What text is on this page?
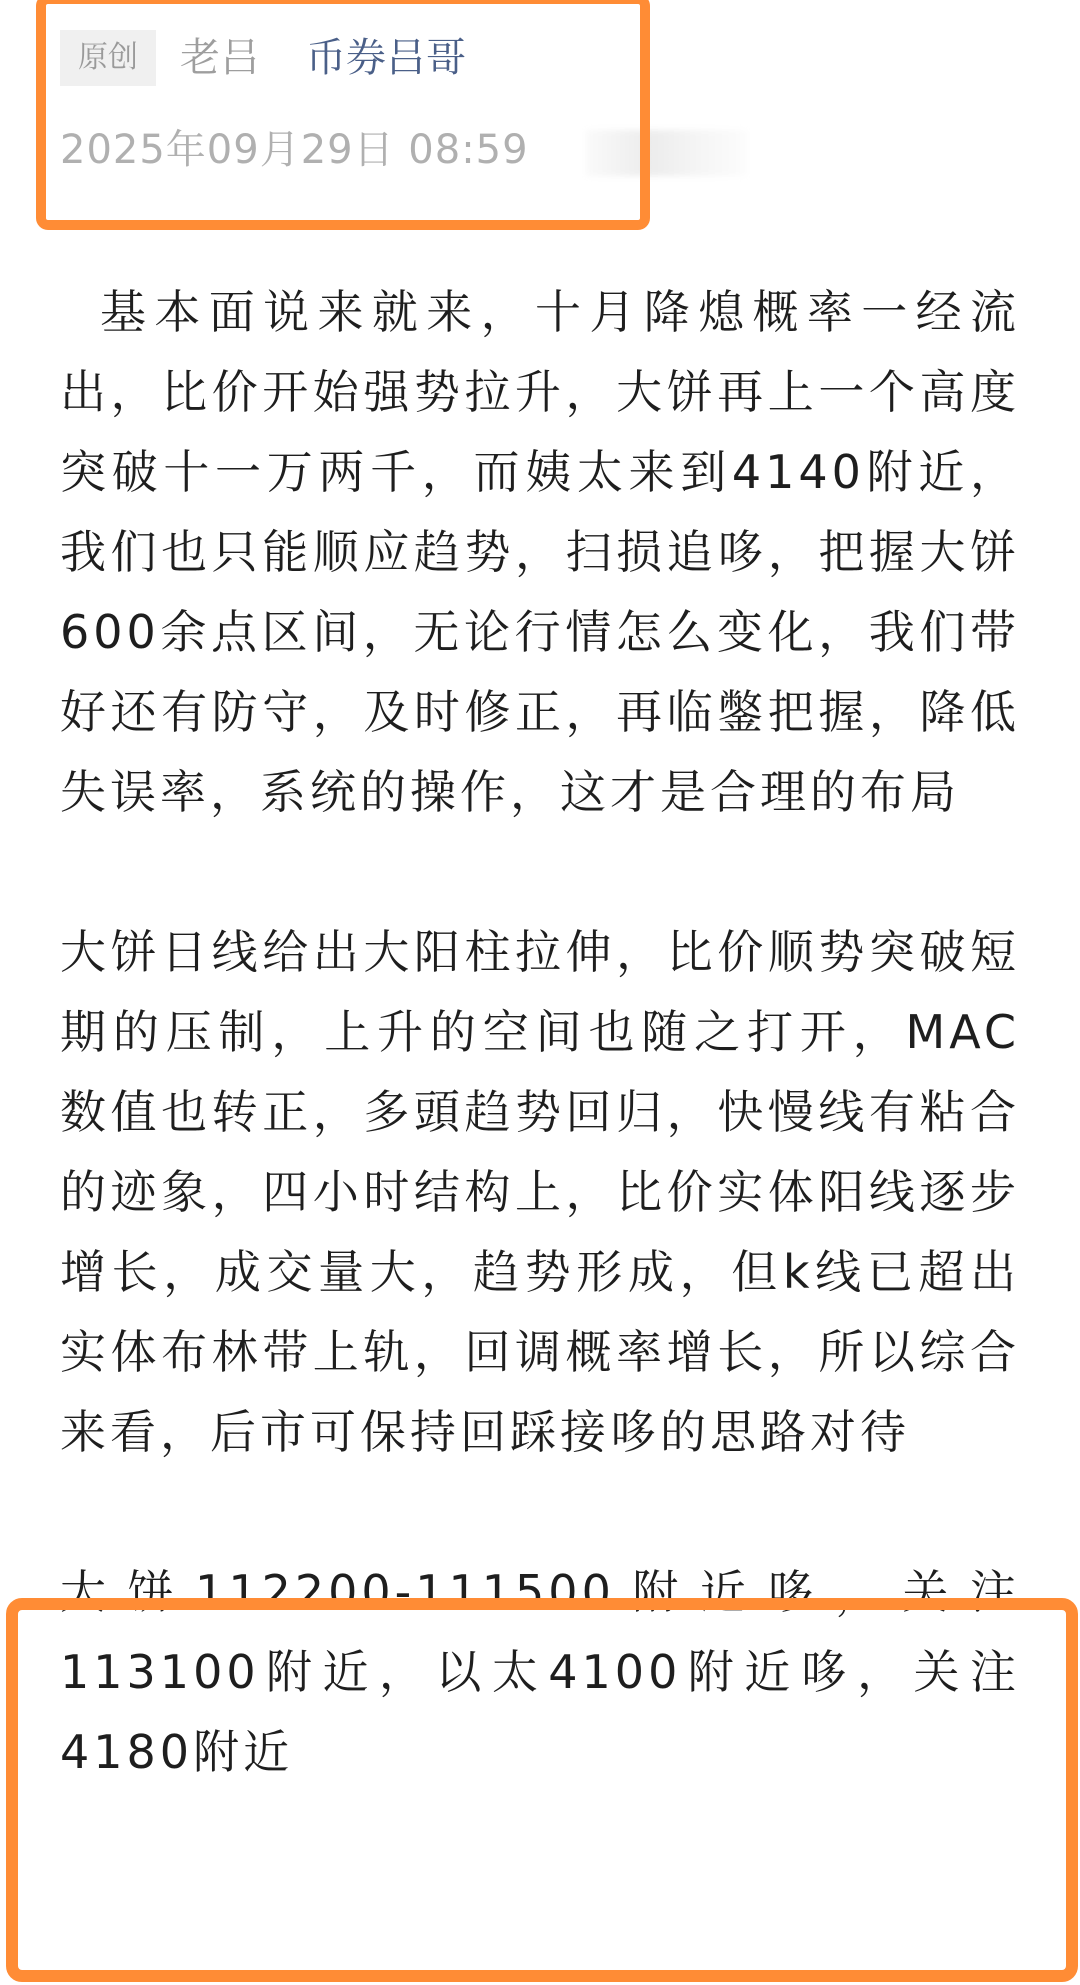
原创	老吕 币券吕哥
2025年09月29日 08:59

基本面说来就来，十月降熄概率一经流出，比价开始强势拉升，大饼再上一个高度突破十一万两千，而姨太来到4140附近，我们也只能顺应趋势，扫损追哆，把握大饼600余点区间，无论行情怎么变化，我们带好还有防守，及时修正，再临鐅把握，降低失误率，系统的操作，这才是合理的布局

大饼日线给出大阳柱拉伸，比价顺势突破短期的压制，上升的空间也随之打开，MAC数值也转正，多頭趋势回归，快慢线有粘合的迹象，四小时结构上，比价实体阳线逐步增长，成交量大，趋势形成，但k线已超出实体布林带上轨，回调概率增长，所以综合来看，后市可保持回踩接哆的思路对待

大饼112200-111500附近哆，关注113100附近，以太4100附近哆，关注4180附近
